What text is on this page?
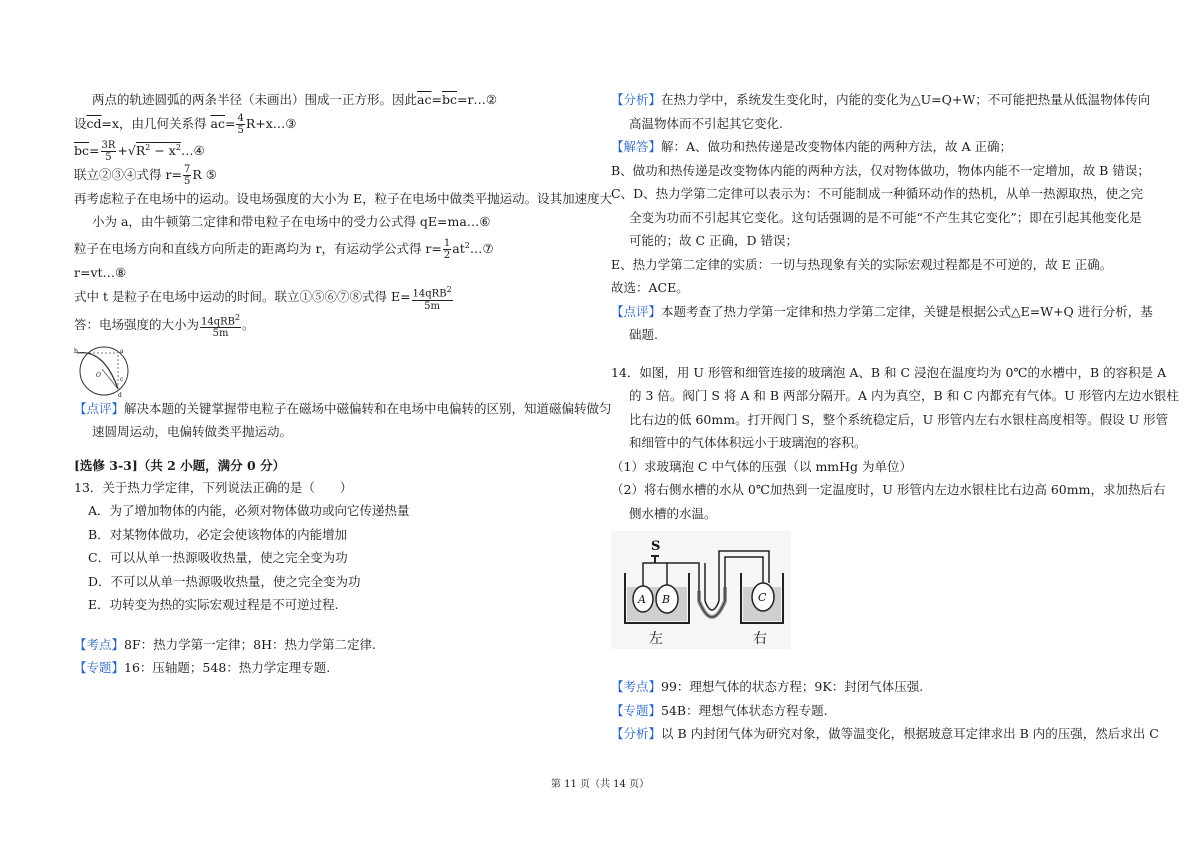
两点的轨迹圆弧的两条半径（未画出）围成一正方形。因此$\overline{ac}=\overline{bc}=r\dots ②$
设$\overline{cd}=x$，由几何关系得 $\overline{ac}= \frac{4}{5}$ R+x…③
$\overline{bc}= \frac{3R}{5} +√R^2$ − $x^2\dots ④$
联立②③④式得 $r= \frac{7}{5}$ R ⑤
再考虑粒子在电场中的运动。设电场强度的大小为 E，粒子在电场中做类平抛运动。设其加速度大
小为 a，由牛顿第二定律和带电粒子在电场中的受力公式得 qE=ma…⑥
粒子在电场方向和直线方向所走的距离均为 r，有运动学公式得 $r= \frac{1}{2}$ $at^2\dots ⑦$
r=vt…⑧
式中 t 是粒子在电场中运动的时间。联立①⑤⑥⑦⑧式得 $E= \frac{14qRB^2}{5m}$
答：电场强度的大小为 $\frac{14qRB^2}{5m}$ 。
b	a
c
d
O
【点评】解决本题的关键掌握带电粒子在磁场中磁偏转和在电场中电偏转的区别，知道磁偏转做匀
速圆周运动，电偏转做类平抛运动。
[选修 3-3]（共 2 小题，满分 0 分）
13．关于热力学定律，下列说法正确的是（　　）
A．为了增加物体的内能，必须对物体做功或向它传递热量
B．对某物体做功，必定会使该物体的内能增加
C．可以从单一热源吸收热量，使之完全变为功
D．不可以从单一热源吸收热量，使之完全变为功
E．功转变为热的实际宏观过程是不可逆过程.
【考点】8F：热力学第一定律；8H：热力学第二定律.
【专题】16：压轴题；548：热力学定理专题.
【分析】在热力学中，系统发生变化时，内能的变化为△U=Q+W；不可能把热量从低温物体传向
高温物体而不引起其它变化.
【解答】解：A、做功和热传递是改变物体内能的两种方法，故 A 正确；
B、做功和热传递是改变物体内能的两种方法，仅对物体做功，物体内能不一定增加，故 B 错误；
C、D、热力学第二定律可以表示为：不可能制成一种循环动作的热机，从单一热源取热，使之完
全变为功而不引起其它变化。这句话强调的是不可能“不产生其它变化”；即在引起其他变化是
可能的；故 C 正确，D 错误；
E、热力学第二定律的实质：一切与热现象有关的实际宏观过程都是不可逆的，故 E 正确。
故选：ACE。
【点评】本题考查了热力学第一定律和热力学第二定律，关键是根据公式△E=W+Q 进行分析，基
础题.
14．如图，用 U 形管和细管连接的玻璃泡 A、B 和 C 浸泡在温度均为 0℃的水槽中，B 的容积是 A
的 3 倍。阀门 S 将 A 和 B 两部分隔开。A 内为真空，B 和 C 内都充有气体。U 形管内左边水银柱
比右边的低 60mm。打开阀门 S，整个系统稳定后，U 形管内左右水银柱高度相等。假设 U 形管
和细管中的气体体积远小于玻璃泡的容积。
（1）求玻璃泡 C 中气体的压强（以 mmHg 为单位）
（2）将右侧水槽的水从 0℃加热到一定温度时，U 形管内左边水银柱比右边高 60mm，求加热后右
侧水槽的水温。
S
A B	C
左	右
【考点】99：理想气体的状态方程；9K：封闭气体压强.
【专题】54B：理想气体状态方程专题.
【分析】以 B 内封闭气体为研究对象，做等温变化，根据玻意耳定律求出 B 内的压强，然后求出 C
第 11 页（共 14 页）
